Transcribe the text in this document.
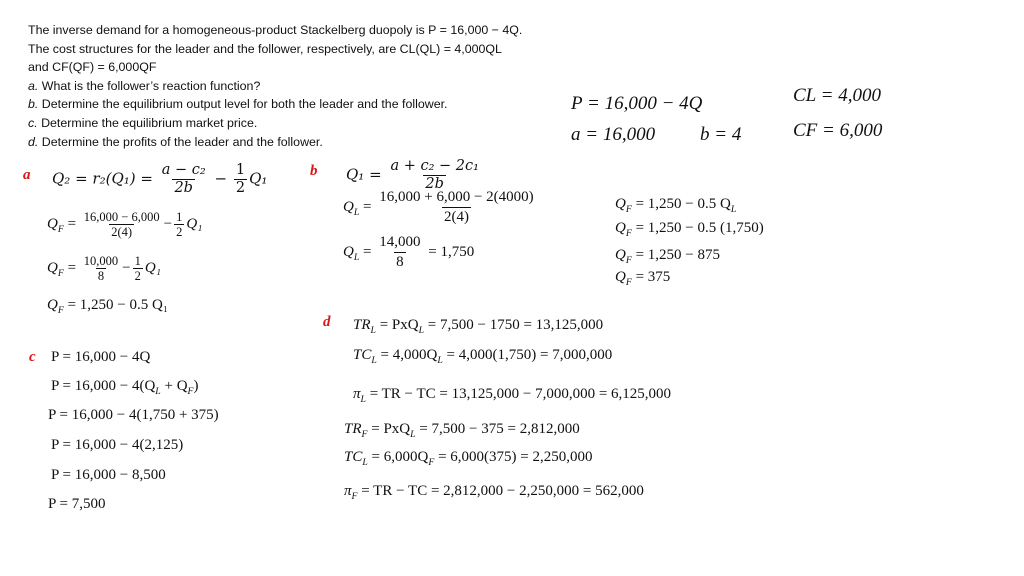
The inverse demand for a homogeneous-product Stackelberg duopoly is P = 16,000 − 4Q.
The cost structures for the leader and the follower, respectively, are CL(QL) = 4,000QL
and CF(QF) = 6,000QF
a. What is the follower’s reaction function?
b. Determine the equilibrium output level for both the leader and the follower.
c. Determine the equilibrium market price.
d. Determine the profits of the leader and the follower.
P = 16,000 − 4Q
a = 16,000 b = 4
CL = 4,000
CF = 6,000
a	b
c
d
$Q_2 = r_2(Q_1) = \frac{\text{a − c₂}}{2b} - \frac{1}{2} Q_1$
$Q_F = \frac{16,000 - 6,000}{2(4)} - \frac{1}{2} Q_1$
$Q_F = \frac{10,000}{8} - \frac{1}{2} Q_1$
$Q_F = 1,250 - 0.5$ Q₁
$Q_1 = \frac{\text{a + c₂ − 2c₁}}{2b}$
$Q_L = \frac{16,000 + 6,000 - 2(4000)}{2(4)}$
$Q_L = \frac{14,000}{8} = 1,750$
$Q_F = 1,250 - 0.5$ $Q_L$
$Q_F = 1,250 - 0.5$ (1,750)
$Q_F = 1,250 - 875$
$Q_F = 375$
P = 16,000 − 4Q
$P = 16,000 - 4(Q_L + Q_F)$
P = 16,000 − 4(1,750 + 375)
P = 16,000 − 4(2,125)
P = 16,000 − 8,500
P = 7,500
$TR_L = PxQ_L = 7,500 - 1750 = 13,125,000$
$TC_L = 4,000Q_L = 4,000(1,750) = 7,000,000$
$\pi_L$ = TR − TC = 13,125,000 − 7,000,000 = 6,125,000
$TR_F = PxQ_L = 7,500 - 375 = 2,812,000$
$TC_L = 6,000Q_F = 6,000(375) = 2,250,000$
$\pi_F$ = TR − TC = 2,812,000 − 2,250,000 = 562,000
